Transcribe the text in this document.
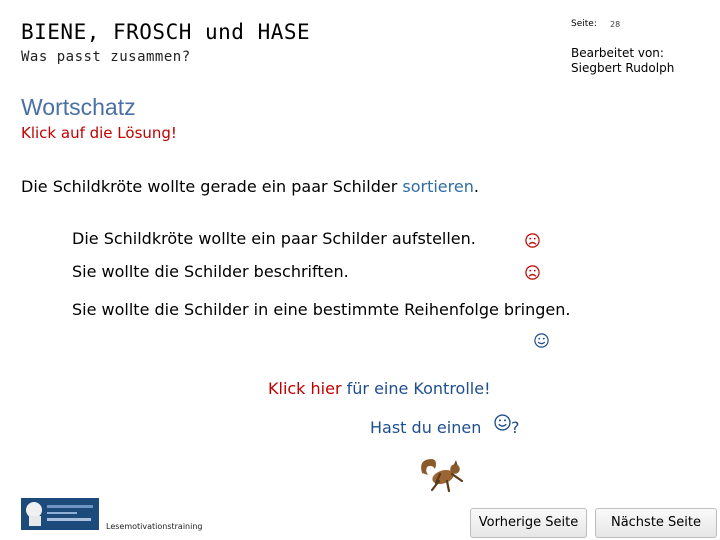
BIENE, FROSCH und HASE
Was passt zusammen?
Seite: 28
Bearbeitet von:
Siegbert Rudolph
Wortschatz
Klick auf die Lösung!
Die Schildkröte wollte gerade ein paar Schilder sortieren.
Die Schildkröte wollte ein paar Schilder aufstellen.
Sie wollte die Schilder beschriften.
Sie wollte die Schilder in eine bestimmte Reihenfolge bringen.
Klick hier für eine Kontrolle!
Hast du einen ?
Lesemotivationstraining	Vorherige Seite	Nächste Seite
